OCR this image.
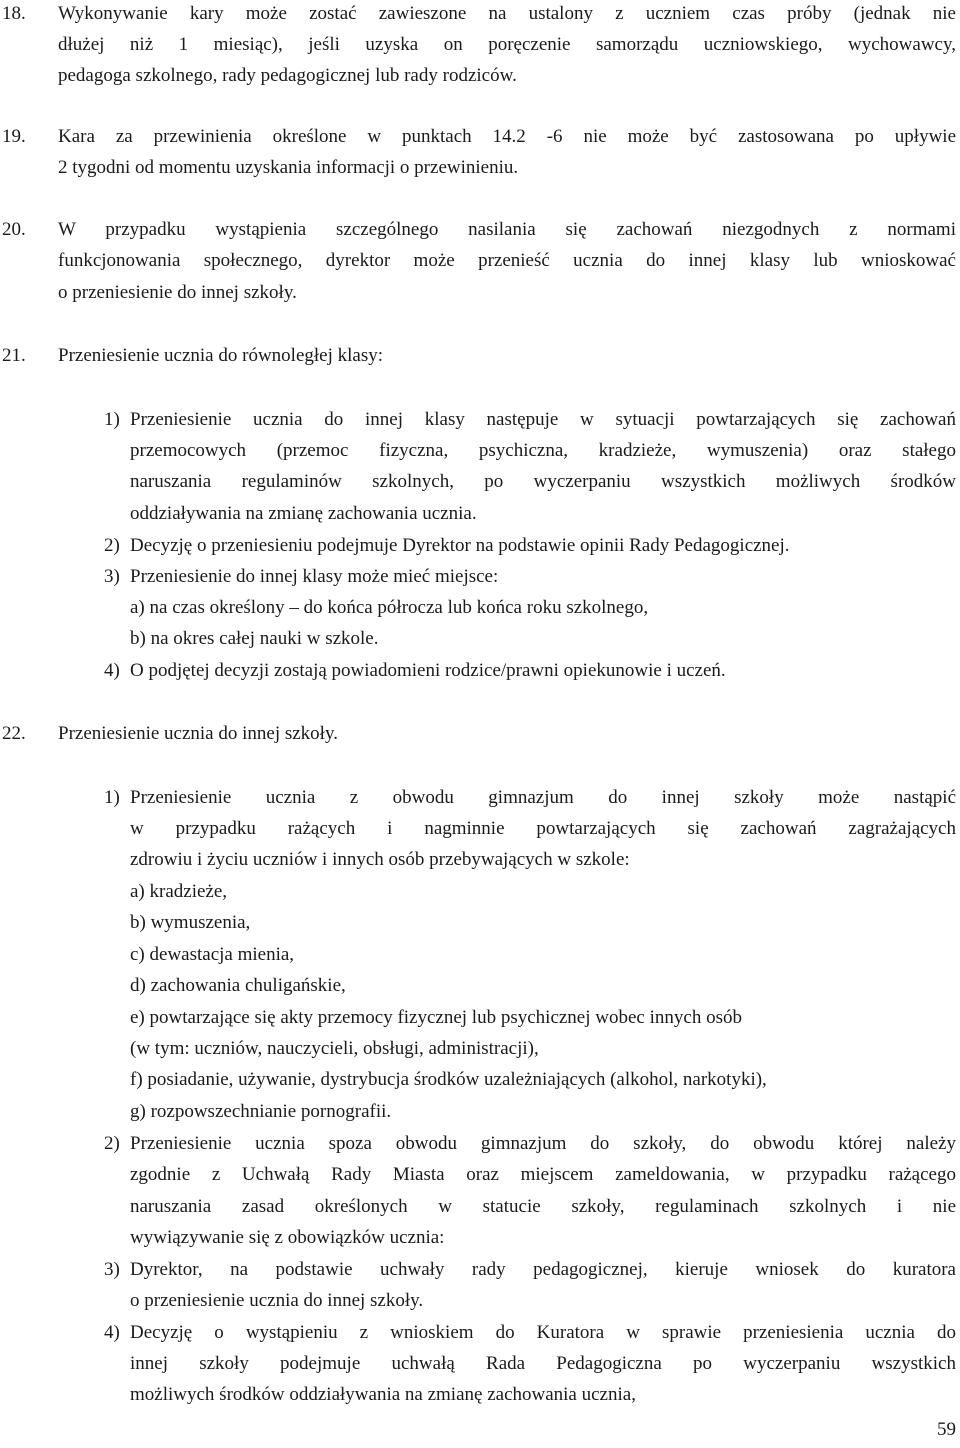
18. Wykonywanie kary może zostać zawieszone na ustalony z uczniem czas próby (jednak nie
dłużej niż 1 miesiąc), jeśli uzyska on poręczenie samorządu uczniowskiego, wychowawcy,
pedagoga szkolnego, rady pedagogicznej lub rady rodziców.
19. Kara za przewinienia określone w punktach 14.2 -6 nie może być zastosowana po upływie
2 tygodni od momentu uzyskania informacji o przewinieniu.
20. W przypadku wystąpienia szczególnego nasilania się zachowań niezgodnych z normami
funkcjonowania społecznego, dyrektor może przenieść ucznia do innej klasy lub wnioskować
o przeniesienie do innej szkoły.
21. Przeniesienie ucznia do równoległej klasy:
1) Przeniesienie ucznia do innej klasy następuje w sytuacji powtarzających się zachowań
przemocowych (przemoc fizyczna, psychiczna, kradzieże, wymuszenia) oraz stałego
naruszania regulaminów szkolnych, po wyczerpaniu wszystkich możliwych środków
oddziaływania na zmianę zachowania ucznia.
2) Decyzję o przeniesieniu podejmuje Dyrektor na podstawie opinii Rady Pedagogicznej.
3) Przeniesienie do innej klasy może mieć miejsce:
a) na czas określony – do końca półrocza lub końca roku szkolnego,
b) na okres całej nauki w szkole.
4) O podjętej decyzji zostają powiadomieni rodzice/prawni opiekunowie i uczeń.
22. Przeniesienie ucznia do innej szkoły.
1) Przeniesienie ucznia z obwodu gimnazjum do innej szkoły może nastąpić
w przypadku rażących i nagminnie powtarzających się zachowań zagrażających
zdrowiu i życiu uczniów i innych osób przebywających w szkole:
a) kradzieże,
b) wymuszenia,
c) dewastacja mienia,
d) zachowania chuligańskie,
e) powtarzające się akty przemocy fizycznej lub psychicznej wobec innych osób
(w tym: uczniów, nauczycieli, obsługi, administracji),
f) posiadanie, używanie, dystrybucja środków uzależniających (alkohol, narkotyki),
g) rozpowszechnianie pornografii.
2) Przeniesienie ucznia spoza obwodu gimnazjum do szkoły, do obwodu której należy
zgodnie z Uchwałą Rady Miasta oraz miejscem zameldowania, w przypadku rażącego
naruszania zasad określonych w statucie szkoły, regulaminach szkolnych i nie
wywiązywanie się z obowiązków ucznia:
3) Dyrektor, na podstawie uchwały rady pedagogicznej, kieruje wniosek do kuratora
o przeniesienie ucznia do innej szkoły.
4) Decyzję o wystąpieniu z wnioskiem do Kuratora w sprawie przeniesienia ucznia do
innej szkoły podejmuje uchwałą Rada Pedagogiczna po wyczerpaniu wszystkich
możliwych środków oddziaływania na zmianę zachowania ucznia,
59
